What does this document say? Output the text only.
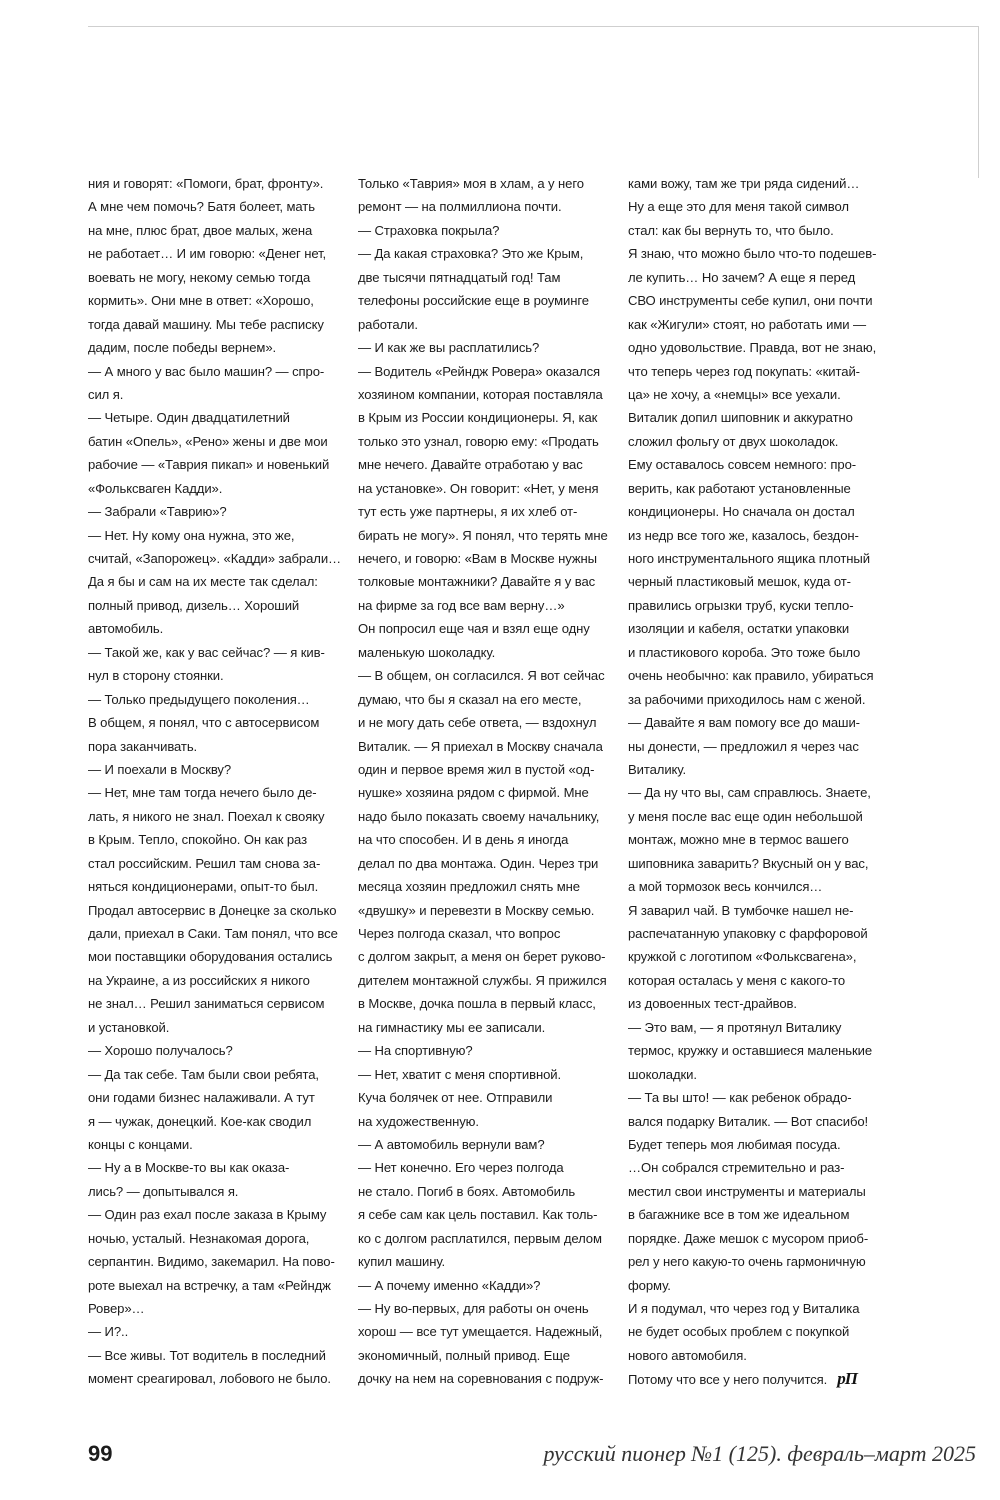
ния и говорят: «Помоги, брат, фронту».
А мне чем помочь? Батя болеет, мать
на мне, плюс брат, двое малых, жена
не работает… И им говорю: «Денег нет,
воевать не могу, некому семью тогда
кормить». Они мне в ответ: «Хорошо,
тогда давай машину. Мы тебе расписку
дадим, после победы вернем».
— А много у вас было машин? — спро-
сил я.
— Четыре. Один двадцатилетний
батин «Опель», «Рено» жены и две мои
рабочие — «Таврия пикап» и новенький
«Фольксваген Кадди».
— Забрали «Таврию»?
— Нет. Ну кому она нужна, это же,
считай, «Запорожец». «Кадди» забрали…
Да я бы и сам на их месте так сделал:
полный привод, дизель… Хороший
автомобиль.
— Такой же, как у вас сейчас? — я кив-
нул в сторону стоянки.
— Только предыдущего поколения…
В общем, я понял, что с автосервисом
пора заканчивать.
— И поехали в Москву?
— Нет, мне там тогда нечего было де-
лать, я никого не знал. Поехал к свояку
в Крым. Тепло, спокойно. Он как раз
стал российским. Решил там снова за-
няться кондиционерами, опыт-то был.
Продал автосервис в Донецке за сколько
дали, приехал в Саки. Там понял, что все
мои поставщики оборудования остались
на Украине, а из российских я никого
не знал… Решил заниматься сервисом
и установкой.
— Хорошо получалось?
— Да так себе. Там были свои ребята,
они годами бизнес налаживали. А тут
я — чужак, донецкий. Кое-как сводил
концы с концами.
— Ну а в Москве-то вы как оказа-
лись? — допытывался я.
— Один раз ехал после заказа в Крыму
ночью, усталый. Незнакомая дорога,
серпантин. Видимо, закемарил. На пово-
роте выехал на встречку, а там «Рейндж
Ровер»…
— И?..
— Все живы. Тот водитель в последний
момент среагировал, лобового не было.
Только «Таврия» моя в хлам, а у него
ремонт — на полмиллиона почти.
— Страховка покрыла?
— Да какая страховка? Это же Крым,
две тысячи пятнадцатый год! Там
телефоны российские еще в роуминге
работали.
— И как же вы расплатились?
— Водитель «Рейндж Ровера» оказался
хозяином компании, которая поставляла
в Крым из России кондиционеры. Я, как
только это узнал, говорю ему: «Продать
мне нечего. Давайте отработаю у вас
на установке». Он говорит: «Нет, у меня
тут есть уже партнеры, я их хлеб от-
бирать не могу». Я понял, что терять мне
нечего, и говорю: «Вам в Москве нужны
толковые монтажники? Давайте я у вас
на фирме за год все вам верну…»
Он попросил еще чая и взял еще одну
маленькую шоколадку.
— В общем, он согласился. Я вот сейчас
думаю, что бы я сказал на его месте,
и не могу дать себе ответа, — вздохнул
Виталик. — Я приехал в Москву сначала
один и первое время жил в пустой «од-
нушке» хозяина рядом с фирмой. Мне
надо было показать своему начальнику,
на что способен. И в день я иногда
делал по два монтажа. Один. Через три
месяца хозяин предложил снять мне
«двушку» и перевезти в Москву семью.
Через полгода сказал, что вопрос
с долгом закрыт, а меня он берет руково-
дителем монтажной службы. Я прижился
в Москве, дочка пошла в первый класс,
на гимнастику мы ее записали.
— На спортивную?
— Нет, хватит с меня спортивной.
Куча болячек от нее. Отправили
на художественную.
— А автомобиль вернули вам?
— Нет конечно. Его через полгода
не стало. Погиб в боях. Автомобиль
я себе сам как цель поставил. Как толь-
ко с долгом расплатился, первым делом
купил машину.
— А почему именно «Кадди»?
— Ну во-первых, для работы он очень
хорош — все тут умещается. Надежный,
экономичный, полный привод. Еще
дочку на нем на соревнования с подруж-
ками вожу, там же три ряда сидений…
Ну а еще это для меня такой символ
стал: как бы вернуть то, что было.
Я знаю, что можно было что-то подешев-
ле купить… Но зачем? А еще я перед
СВО инструменты себе купил, они почти
как «Жигули» стоят, но работать ими —
одно удовольствие. Правда, вот не знаю,
что теперь через год покупать: «китай-
ца» не хочу, а «немцы» все уехали.
Виталик допил шиповник и аккуратно
сложил фольгу от двух шоколадок.
Ему оставалось совсем немного: про-
верить, как работают установленные
кондиционеры. Но сначала он достал
из недр все того же, казалось, бездон-
ного инструментального ящика плотный
черный пластиковый мешок, куда от-
правились огрызки труб, куски тепло-
изоляции и кабеля, остатки упаковки
и пластикового короба. Это тоже было
очень необычно: как правило, убираться
за рабочими приходилось нам с женой.
— Давайте я вам помогу все до маши-
ны донести, — предложил я через час
Виталику.
— Да ну что вы, сам справлюсь. Знаете,
у меня после вас еще один небольшой
монтаж, можно мне в термос вашего
шиповника заварить? Вкусный он у вас,
а мой тормозок весь кончился…
Я заварил чай. В тумбочке нашел не-
распечатанную упаковку с фарфоровой
кружкой с логотипом «Фольксвагена»,
которая осталась у меня с какого-то
из довоенных тест-драйвов.
— Это вам, — я протянул Виталику
термос, кружку и оставшиеся маленькие
шоколадки.
— Та вы што! — как ребенок обрадо-
вался подарку Виталик. — Вот спасибо!
Будет теперь моя любимая посуда.
…Он собрался стремительно и раз-
местил свои инструменты и материалы
в багажнике все в том же идеальном
порядке. Даже мешок с мусором приоб-
рел у него какую-то очень гармоничную
форму.
И я подумал, что через год у Виталика
не будет особых проблем с покупкой
нового автомобиля.
Потому что все у него получится. рП
99	русский пионер №1 (125). февраль–март 2025
